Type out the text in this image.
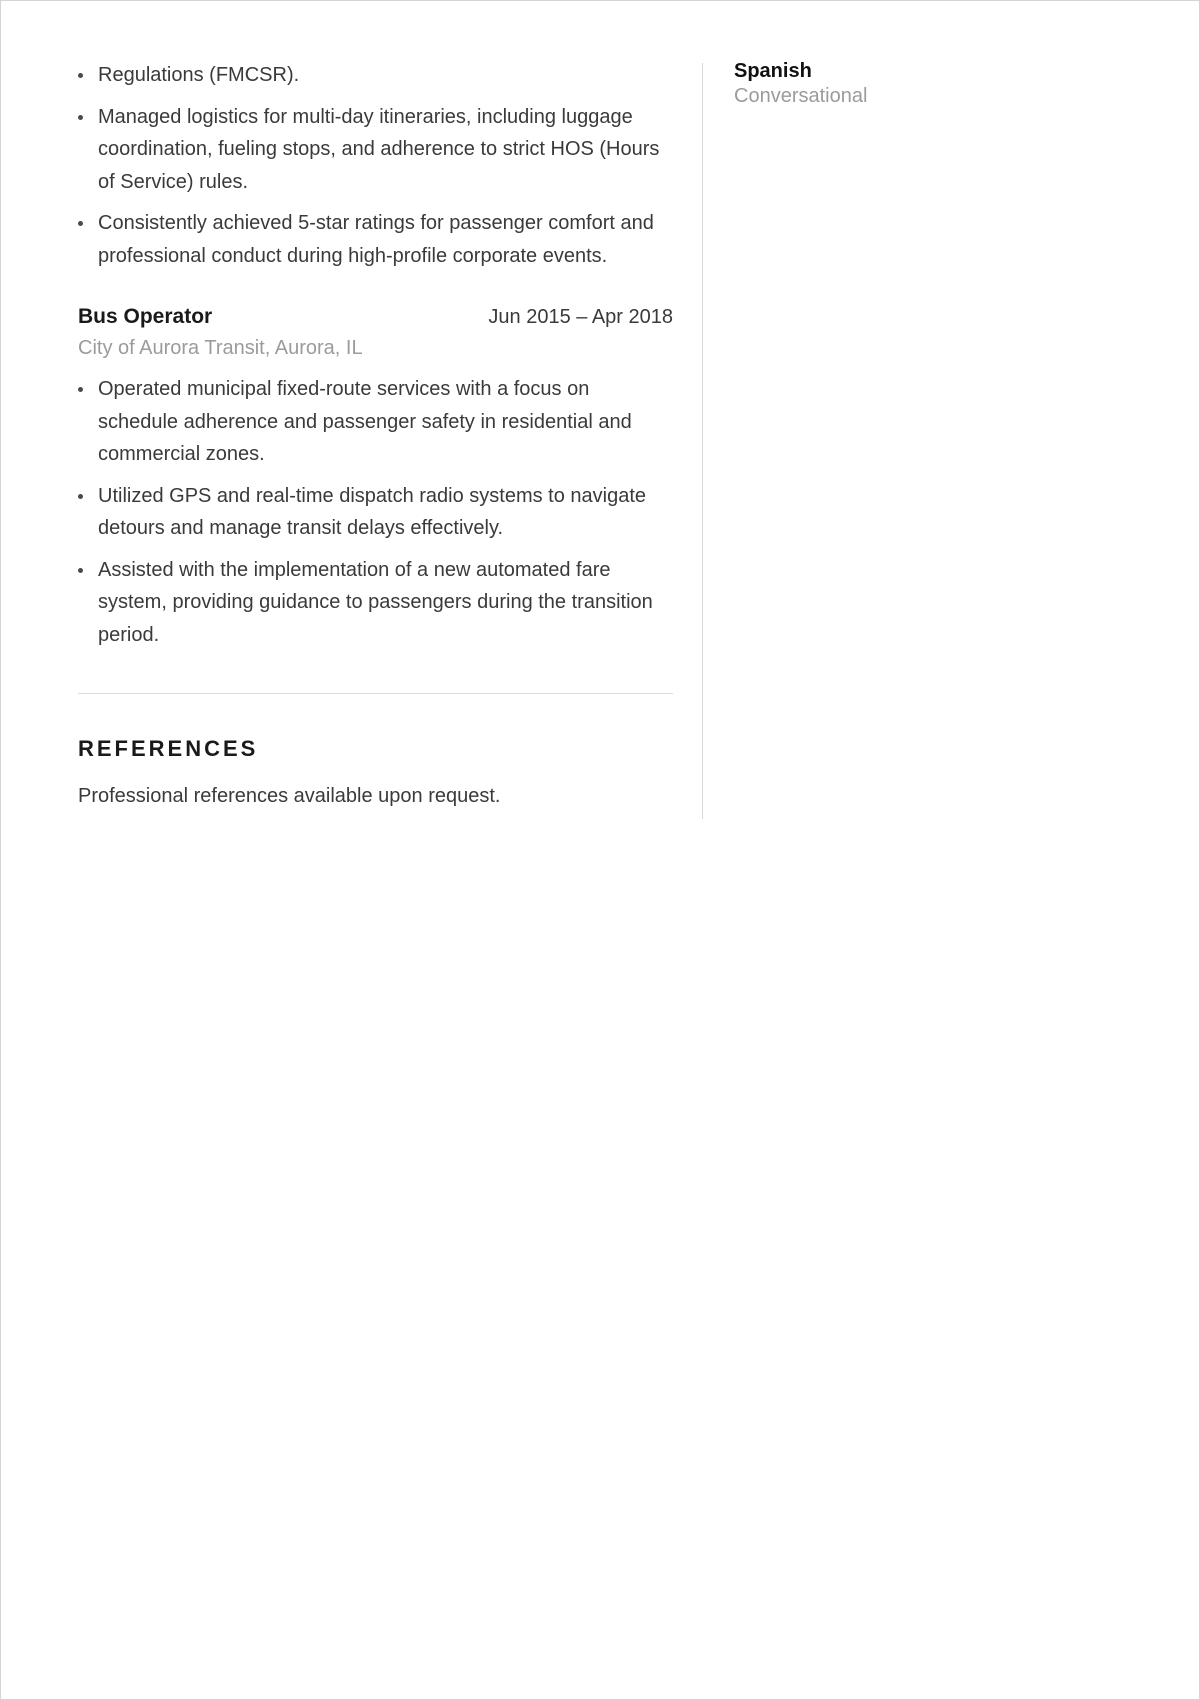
Regulations (FMCSR).
Managed logistics for multi-day itineraries, including luggage coordination, fueling stops, and adherence to strict HOS (Hours of Service) rules.
Consistently achieved 5-star ratings for passenger comfort and professional conduct during high-profile corporate events.
Bus Operator	Jun 2015 – Apr 2018
City of Aurora Transit, Aurora, IL
Operated municipal fixed-route services with a focus on schedule adherence and passenger safety in residential and commercial zones.
Utilized GPS and real-time dispatch radio systems to navigate detours and manage transit delays effectively.
Assisted with the implementation of a new automated fare system, providing guidance to passengers during the transition period.
REFERENCES
Professional references available upon request.
Spanish
Conversational
